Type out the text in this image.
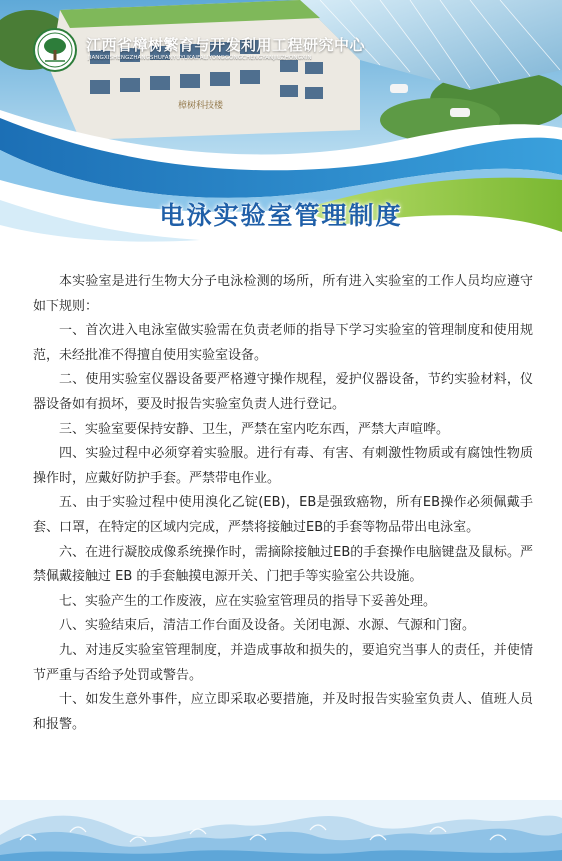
樟树科技楼
江西省樟树繁育与开发利用工程研究中心
JIANGXISHENGZHANGSHUFANYUYUKAIFALIYONGGONGCHENGYANJIUZHONGXIN
电泳实验室管理制度

本实验室是进行生物大分子电泳检测的场所，所有进入实验室的工作人员均应遵守如下规则：

一、首次进入电泳室做实验需在负责老师的指导下学习实验室的管理制度和使用规范，未经批准不得擅自使用实验室设备。

二、使用实验室仪器设备要严格遵守操作规程，爱护仪器设备，节约实验材料，仪器设备如有损坏，要及时报告实验室负责人进行登记。

三、实验室要保持安静、卫生，严禁在室内吃东西，严禁大声喧哗。

四、实验过程中必须穿着实验服。进行有毒、有害、有刺激性物质或有腐蚀性物质操作时，应戴好防护手套。严禁带电作业。

五、由于实验过程中使用溴化乙锭(EB)，EB是强致癌物，所有EB操作必须佩戴手套、口罩，在特定的区域内完成，严禁将接触过EB的手套等物品带出电泳室。

六、在进行凝胶成像系统操作时，需摘除接触过EB的手套操作电脑键盘及鼠标。严禁佩戴接触过 EB 的手套触摸电源开关、门把手等实验室公共设施。

七、实验产生的工作废液，应在实验室管理员的指导下妥善处理。

八、实验结束后，清洁工作台面及设备。关闭电源、水源、气源和门窗。

九、对违反实验室管理制度，并造成事故和损失的，要追究当事人的责任，并使情节严重与否给予处罚或警告。

十、如发生意外事件，应立即采取必要措施，并及时报告实验室负责人、值班人员和报警。
